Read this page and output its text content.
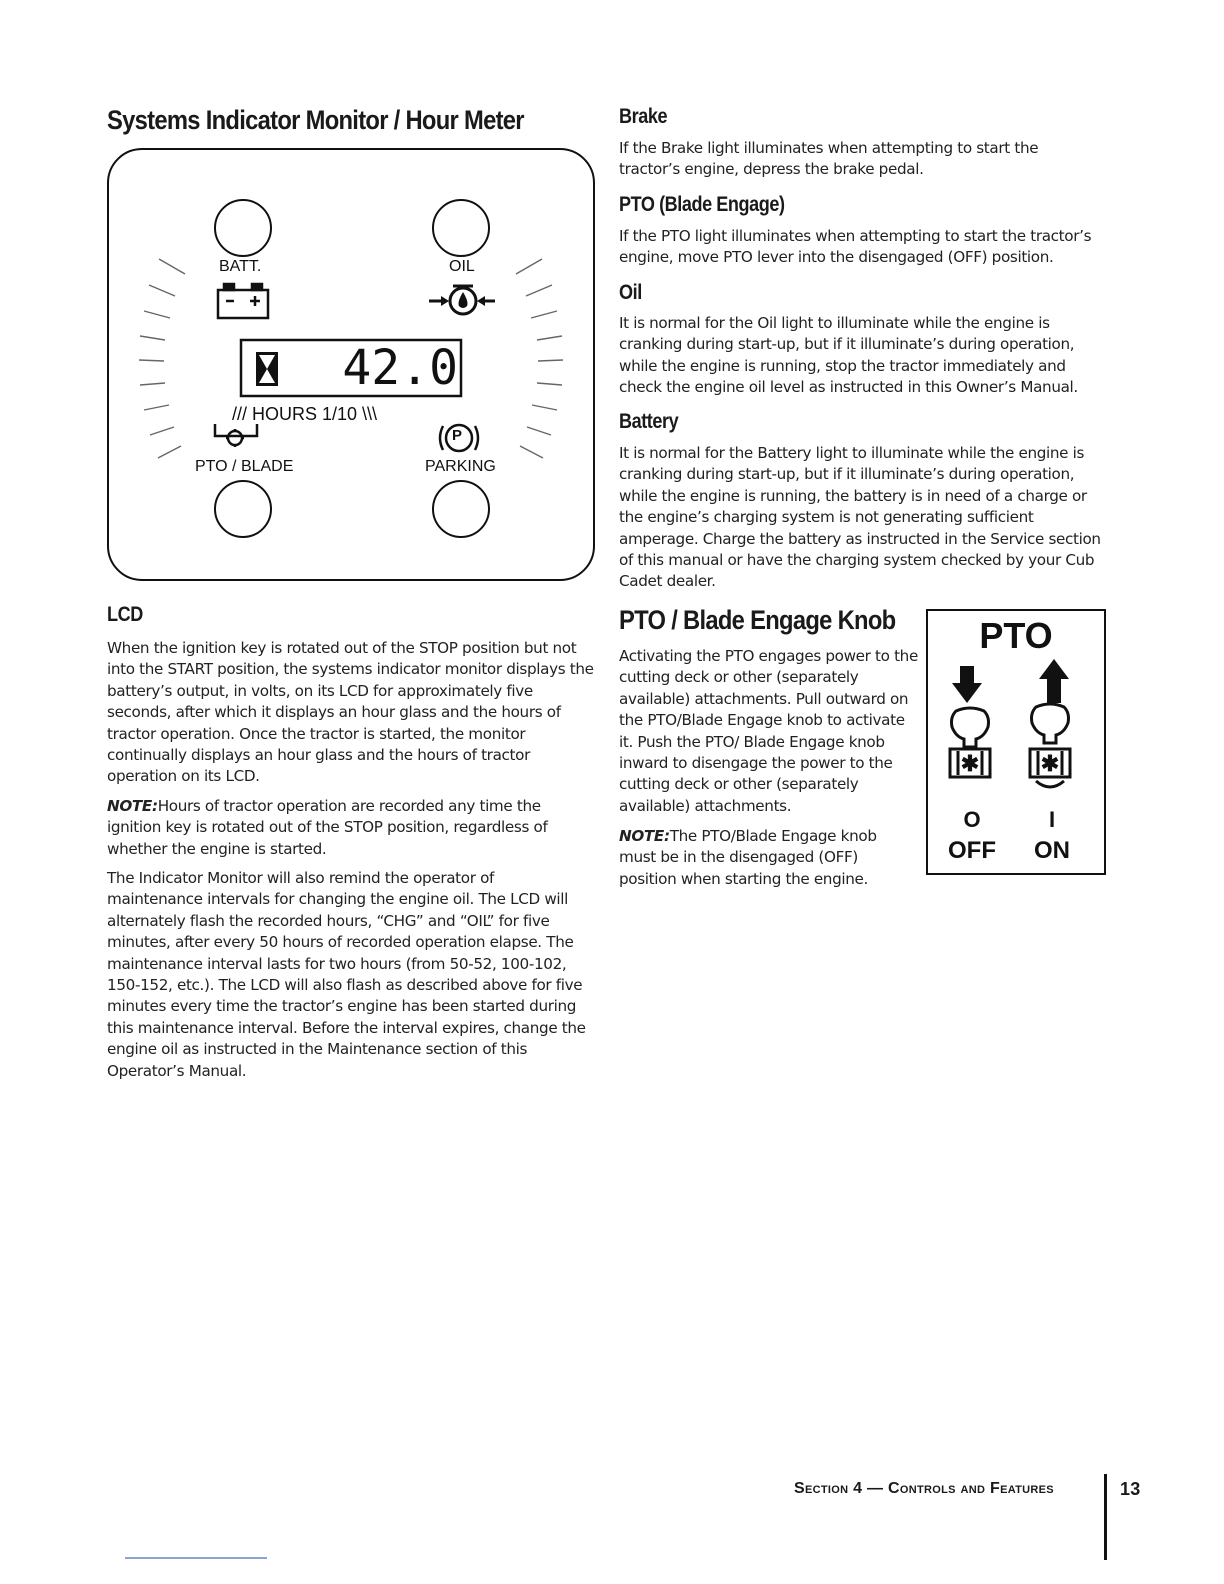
Systems Indicator Monitor / Hour Meter
BATT.	OIL
42.0
/// HOURS 1/10 \\\
P
PTO / BLADE	PARKING
LCD
When the ignition key is rotated out of the STOP position but not into the START position, the systems indicator monitor displays the battery’s output, in volts, on its LCD for approximately five seconds, after which it displays an hour glass and the hours of tractor operation. Once the tractor is started, the monitor continually displays an hour glass and the hours of tractor operation on its LCD.
NOTE:Hours of tractor operation are recorded any time the ignition key is rotated out of the STOP position, regardless of whether the engine is started.
The Indicator Monitor will also remind the operator of maintenance intervals for changing the engine oil. The LCD will alternately flash the recorded hours, “CHG” and “OIL” for five minutes, after every 50 hours of recorded operation elapse. The maintenance interval lasts for two hours (from 50-52, 100-102, 150-152, etc.). The LCD will also flash as described above for five minutes every time the tractor’s engine has been started during this maintenance interval. Before the interval expires, change the engine oil as instructed in the Maintenance section of this Operator’s Manual.
Brake
If the Brake light illuminates when attempting to start the tractor’s engine, depress the brake pedal.
PTO (Blade Engage)
If the PTO light illuminates when attempting to start the tractor’s engine, move PTO lever into the disengaged (OFF) position.
Oil
It is normal for the Oil light to illuminate while the engine is cranking during start-up, but if it illuminate’s during operation, while the engine is running, stop the tractor immediately and check the engine oil level as instructed in this Owner’s Manual.
Battery
It is normal for the Battery light to illuminate while the engine is cranking during start-up, but if it illuminate’s during operation, while the engine is running, the battery is in need of a charge or the engine’s charging system is not generating sufficient amperage. Charge the battery as instructed in the Service section of this manual or have the charging system checked by your Cub Cadet dealer.
PTO / Blade Engage Knob
Activating the PTO engages power to the cutting deck or other (separately available) attachments. Pull outward on the PTO/Blade Engage knob to activate it. Push the PTO/ Blade Engage knob inward to disengage the power to the cutting deck or other (separately available) attachments.
NOTE:The PTO/Blade Engage knob must be in the disengaged (OFF) position when starting the engine.
PTO
✱	✱
O	I
OFF	ON
Section 4 — Controls and Features	13
